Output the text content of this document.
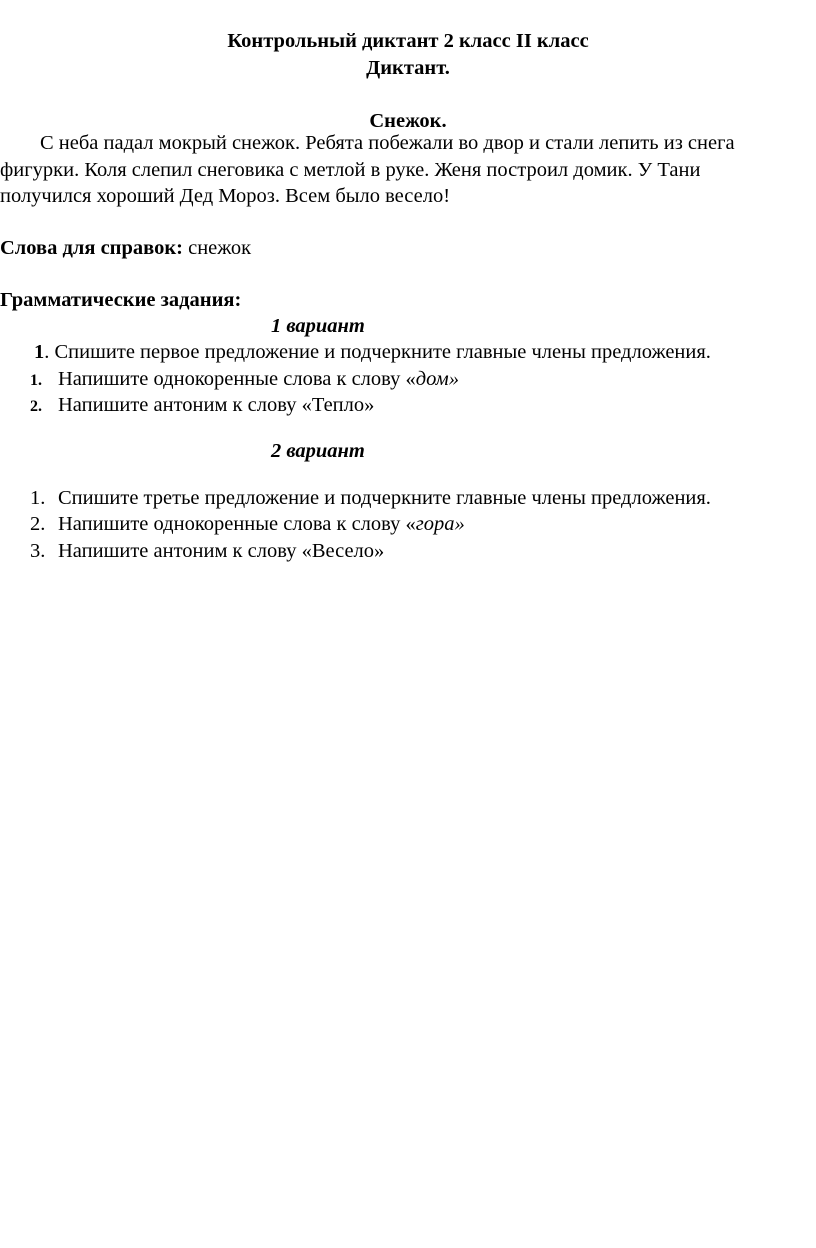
Контрольный диктант 2 класс II класс
Диктант.
Снежок.
С неба падал мокрый снежок. Ребята побежали во двор и стали лепить из снега
фигурки. Коля слепил снеговика с метлой в руке. Женя построил домик. У Тани
получился хороший Дед Мороз. Всем было весело!
Слова для справок: снежок
Грамматические задания:
1 вариант
1. Спишите первое предложение и подчеркните главные члены предложения.
1. Напишите однокоренные слова к слову «дом»
2. Напишите антоним к слову «Тепло»
2 вариант
1. Спишите третье предложение и подчеркните главные члены предложения.
2. Напишите однокоренные слова к слову «гора»
3. Напишите антоним к слову «Весело»
